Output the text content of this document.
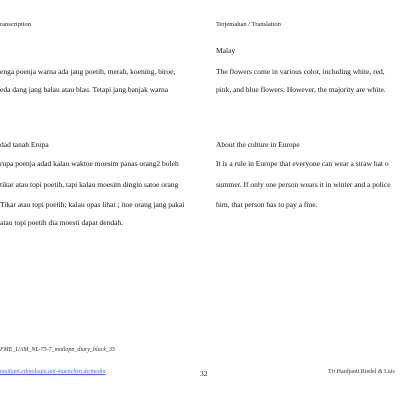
ranscription	Terjemahan / Translation
Malay
enga poenja warna ada jang poetih, merah, koening, biroe,
eda dang jang balau atau blau. Tetapi jang banjak warna
The flowers come in various color, including white, red,
pink, and blue flowers. However, the majority are white.
dad tanah Erupa	About the culture in Europe
rupa poenja adad kalau waktoe moesim panas orang2 boleh
tikar atau topi poetih, tapi kalau moesim dingin satoe orang
Tikar atau topi poetih; kalau opas lihat ; itoe orang jang pakai
atau topi poetih dia moesti dapat dendah.
It is a rule in Europe that everyone can wear a straw hat o
summer. If only one person wears it in winter and a police
him, that person has to pay a fine.
FME_UAM_NL-75-7_mailopn_diary_black_35
mailopn.ethnologie.uni-muenchen.de/media	32	Tri Hardjanti Riedel & Luis
